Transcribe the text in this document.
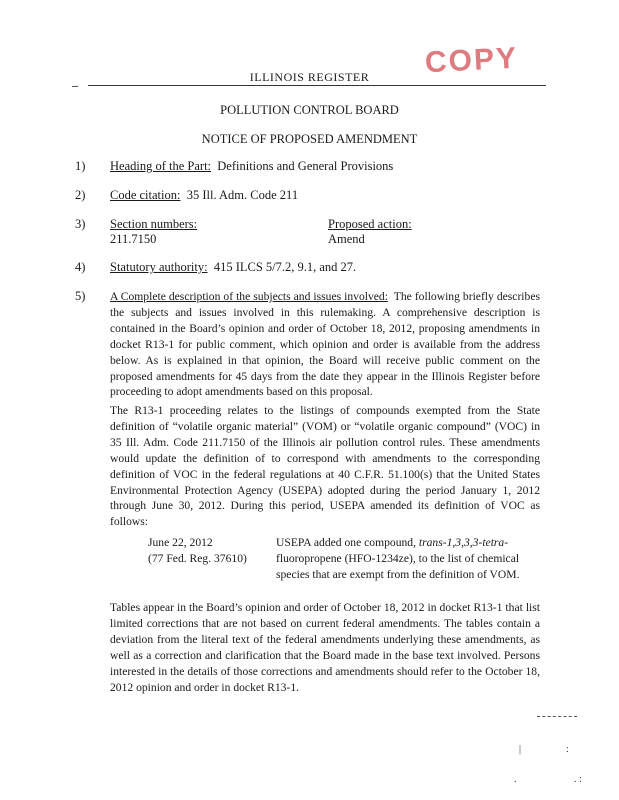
COPY
ILLINOIS REGISTER
POLLUTION CONTROL BOARD
NOTICE OF PROPOSED AMENDMENT
1) Heading of the Part: Definitions and General Provisions
2) Code citation: 35 Ill. Adm. Code 211
3) Section numbers:
211.7150
Proposed action:
Amend
4) Statutory authority: 415 ILCS 5/7.2, 9.1, and 27.
5) A Complete description of the subjects and issues involved: The following briefly describes the subjects and issues involved in this rulemaking. A comprehensive description is contained in the Board’s opinion and order of October 18, 2012, proposing amendments in docket R13-1 for public comment, which opinion and order is available from the address below. As is explained in that opinion, the Board will receive public comment on the proposed amendments for 45 days from the date they appear in the Illinois Register before proceeding to adopt amendments based on this proposal.
The R13-1 proceeding relates to the listings of compounds exempted from the State definition of “volatile organic material” (VOM) or “volatile organic compound” (VOC) in 35 Ill. Adm. Code 211.7150 of the Illinois air pollution control rules. These amendments would update the definition of to correspond with amendments to the corresponding definition of VOC in the federal regulations at 40 C.F.R. 51.100(s) that the United States Environmental Protection Agency (USEPA) adopted during the period January 1, 2012 through June 30, 2012. During this period, USEPA amended its definition of VOC as follows:
June 22, 2012
(77 Fed. Reg. 37610)
USEPA added one compound, trans-1,3,3,3-tetra- fluoropropene (HFO-1234ze), to the list of chemical species that are exempt from the definition of VOM.
Tables appear in the Board’s opinion and order of October 18, 2012 in docket R13-1 that list limited corrections that are not based on current federal amendments. The tables contain a deviation from the literal text of the federal amendments underlying these amendments, as well as a correction and clarification that the Board made in the base text involved. Persons interested in the details of those corrections and amendments should refer to the October 18, 2012 opinion and order in docket R13-1.
|	:
.	. :
